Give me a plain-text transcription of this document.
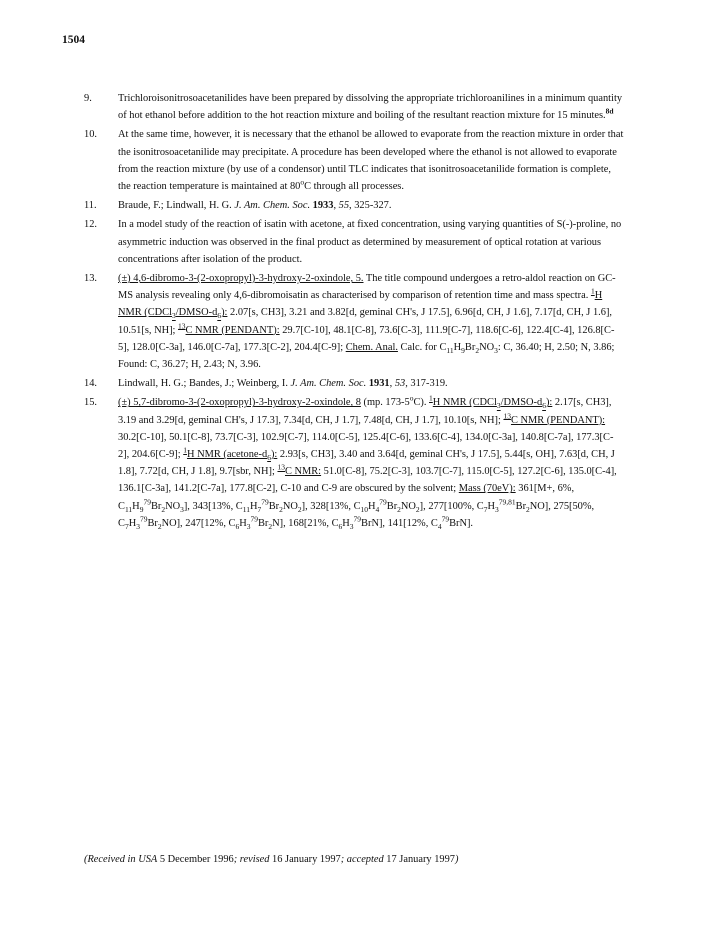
1504
9.	Trichloroisonitrosoacetanilides have been prepared by dissolving the appropriate trichloroanilines in a minimum quantity of hot ethanol before addition to the hot reaction mixture and boiling of the resultant reaction mixture for 15 minutes.$^{8d}$
10.	At the same time, however, it is necessary that the ethanol be allowed to evaporate from the reaction mixture in order that the isonitrosoacetanilide may precipitate. A procedure has been developed where the ethanol is not allowed to evaporate from the reaction mixture (by use of a condensor) until TLC indicates that isonitrosoacetanilide formation is complete, the reaction temperature is maintained at 80$^o$C through all processes.
11.	Braude, F.; Lindwall, H. G. J. Am. Chem. Soc. 1933, 55, 325-327.
12.	In a model study of the reaction of isatin with acetone, at fixed concentration, using varying quantities of S(-)-proline, no asymmetric induction was observed in the final product as determined by measurement of optical rotation at various concentrations after isolation of the product.
13.	(±) 4,6-dibromo-3-(2-oxopropyl)-3-hydroxy-2-oxindole, 5. The title compound undergoes a retro-aldol reaction on GC-MS analysis revealing only 4,6-dibromoisatin as characterised by comparison of retention time and mass spectra. $^1$H NMR $(CDCl_3/DMSO-d_6)$: 2.07[s, CH3], 3.21 and 3.82[d, geminal CH's, J 17.5], 6.96[d, CH, J 1.6], 7.17[d, CH, J 1.6], 10.51[s, NH]; $^{13}$C NMR (PENDANT): 29.7[C-10], 48.1[C-8], 73.6[C-3], 111.9[C-7], 118.6[C-6], 122.4[C-4], 126.8[C-5], 128.0[C-3a], 146.0[C-7a], 177.3[C-2], 204.4[C-9]; Chem. Anal. Calc. for $C_{11}H_9Br_2NO_3$: C, 36.40; H, 2.50; N, 3.86; Found: C, 36.27; H, 2.43; N, 3.96.
14.	Lindwall, H. G.; Bandes, J.; Weinberg, I. J. Am. Chem. Soc. 1931, 53, 317-319.
15.	(±) 5,7-dibromo-3-(2-oxopropyl)-3-hydroxy-2-oxindole, 8 (mp. 173-5$^o$C). $^1$H NMR $(CDCl_3/DMSO-d_6)$: 2.17[s, CH3], 3.19 and 3.29[d, geminal CH's, J 17.3], 7.34[d, CH, J 1.7], 7.48[d, CH, J 1.7], 10.10[s, NH]; $^{13}$C NMR (PENDANT): 30.2[C-10], 50.1[C-8], 73.7[C-3], 102.9[C-7], 114.0[C-5], 125.4[C-6], 133.6[C-4], 134.0[C-3a], 140.8[C-7a], 177.3[C-2], 204.6[C-9]; $^1$H NMR $(acetone-d_6)$: 2.93[s, CH3], 3.40 and 3.64[d, geminal CH's, J 17.5], 5.44[s, OH], 7.63[d, CH, J 1.8], 7.72[d, CH, J 1.8], 9.7[sbr, NH]; $^{13}$C NMR: 51.0[C-8], 75.2[C-3], 103.7[C-7], 115.0[C-5], 127.2[C-6], 135.0[C-4], 136.1[C-3a], 141.2[C-7a], 177.8[C-2], C-10 and C-9 are obscured by the solvent; Mass (70eV): 361[M+, 6%, $C_{11}H_9^{79}Br_2NO_3$], 343[13%, $C_{11}H_7^{79}Br_2NO_2$], 328[13%, $C_{10}H_4^{79}Br_2NO_2$], 277[100%, $C_7H_3^{79,81}Br_2NO$], 275[50%, $C_7H_3^{79}Br_2NO$], 247[12%, $C_6H_3^{79}Br_2N$], 168[21%, $C_6H_3^{79}BrN$], 141[12%, $C_4^{79}BrN$].
(Received in USA 5 December 1996; revised 16 January 1997; accepted 17 January 1997)
